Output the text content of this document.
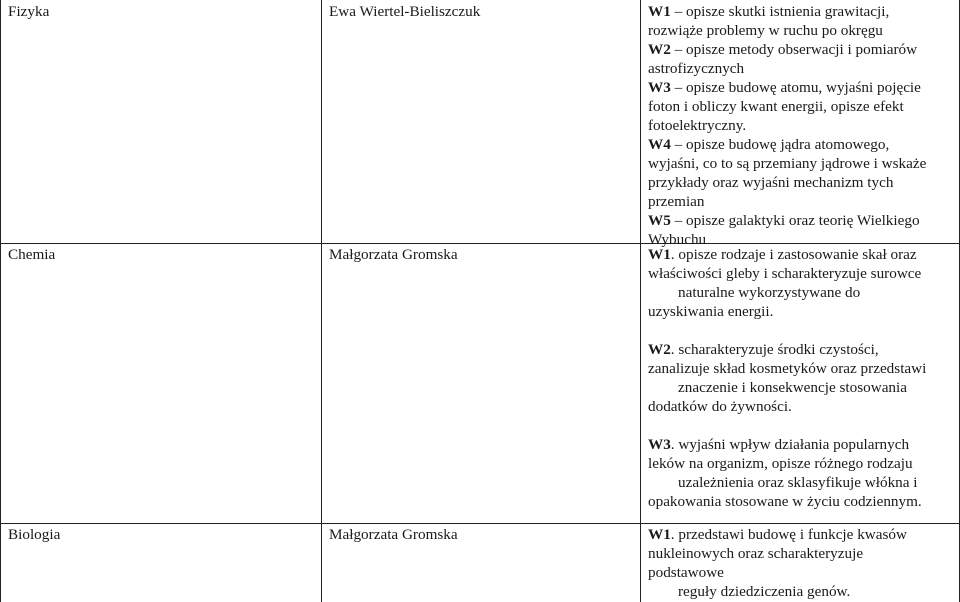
Fizyka	Ewa Wiertel-Bieliszczuk	W1 – opisze skutki istnienia grawitacji,
rozwiąże problemy w ruchu po okręgu
W2 – opisze metody obserwacji i pomiarów
astrofizycznych
W3 – opisze budowę atomu, wyjaśni pojęcie
foton i obliczy kwant energii, opisze efekt
fotoelektryczny.
W4 – opisze budowę jądra atomowego,
wyjaśni, co to są przemiany jądrowe i wskaże
przykłady oraz wyjaśni mechanizm tych
przemian
W5 – opisze galaktyki oraz teorię Wielkiego
Wybuchu
Chemia	Małgorzata Gromska	W1. opisze rodzaje i zastosowanie skał oraz
właściwości gleby i scharakteryzuje surowce
naturalne wykorzystywane do
uzyskiwania energii.
W2. scharakteryzuje środki czystości,
zanalizuje skład kosmetyków oraz przedstawi
znaczenie i konsekwencje stosowania
dodatków do żywności.
W3. wyjaśni wpływ działania popularnych
leków na organizm, opisze różnego rodzaju
uzależnienia oraz sklasyfikuje włókna i
opakowania stosowane w życiu codziennym.
Biologia	Małgorzata Gromska	W1. przedstawi budowę i funkcje kwasów
nukleinowych oraz scharakteryzuje
podstawowe
reguły dziedziczenia genów.
